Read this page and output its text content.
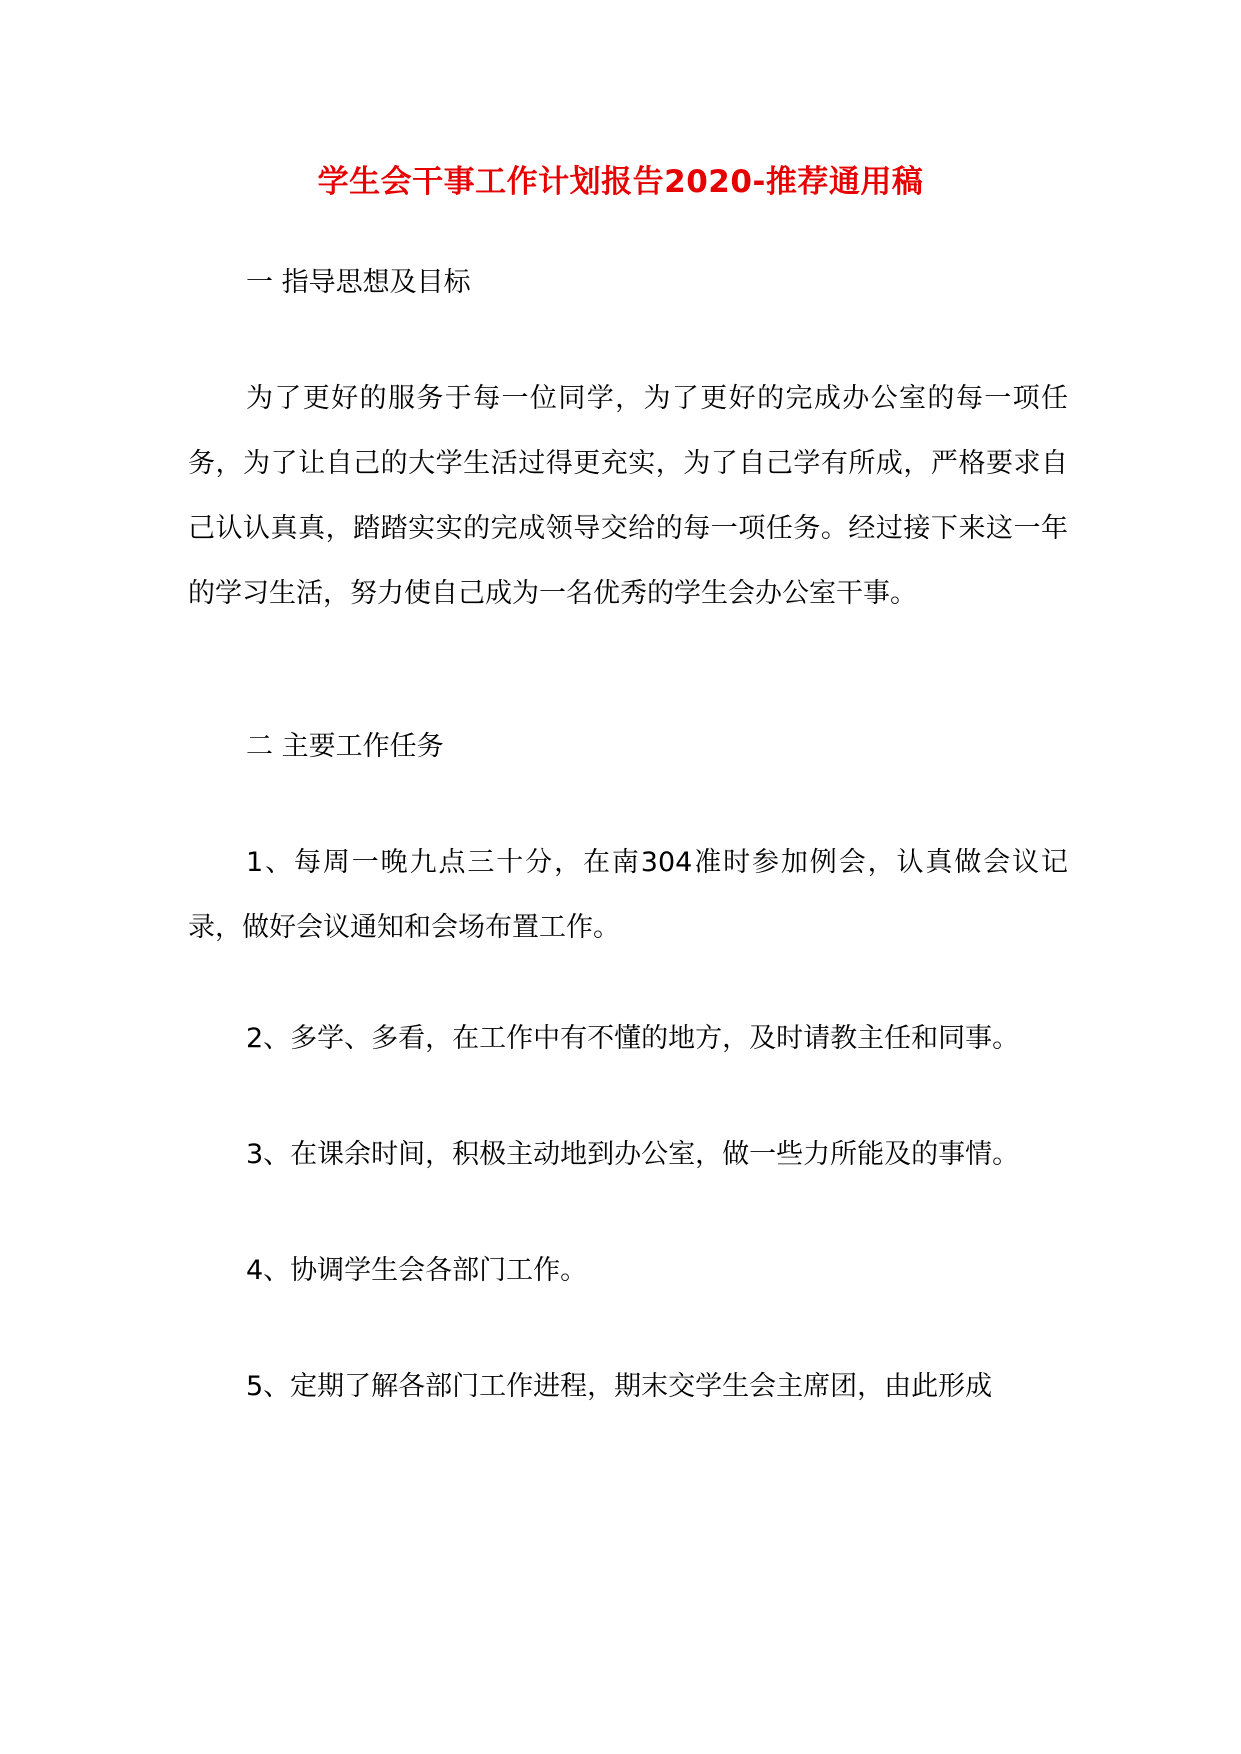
学生会干事工作计划报告2020-推荐通用稿
一 指导思想及目标
为了更好的服务于每一位同学，为了更好的完成办公室的每一项任务，为了让自己的大学生活过得更充实，为了自己学有所成，严格要求自己认认真真，踏踏实实的完成领导交给的每一项任务。经过接下来这一年的学习生活，努力使自己成为一名优秀的学生会办公室干事。
二 主要工作任务
1、每周一晚九点三十分，在南304准时参加例会，认真做会议记录，做好会议通知和会场布置工作。
2、多学、多看，在工作中有不懂的地方，及时请教主任和同事。
3、在课余时间，积极主动地到办公室，做一些力所能及的事情。
4、协调学生会各部门工作。
5、定期了解各部门工作进程，期末交学生会主席团，由此形成
